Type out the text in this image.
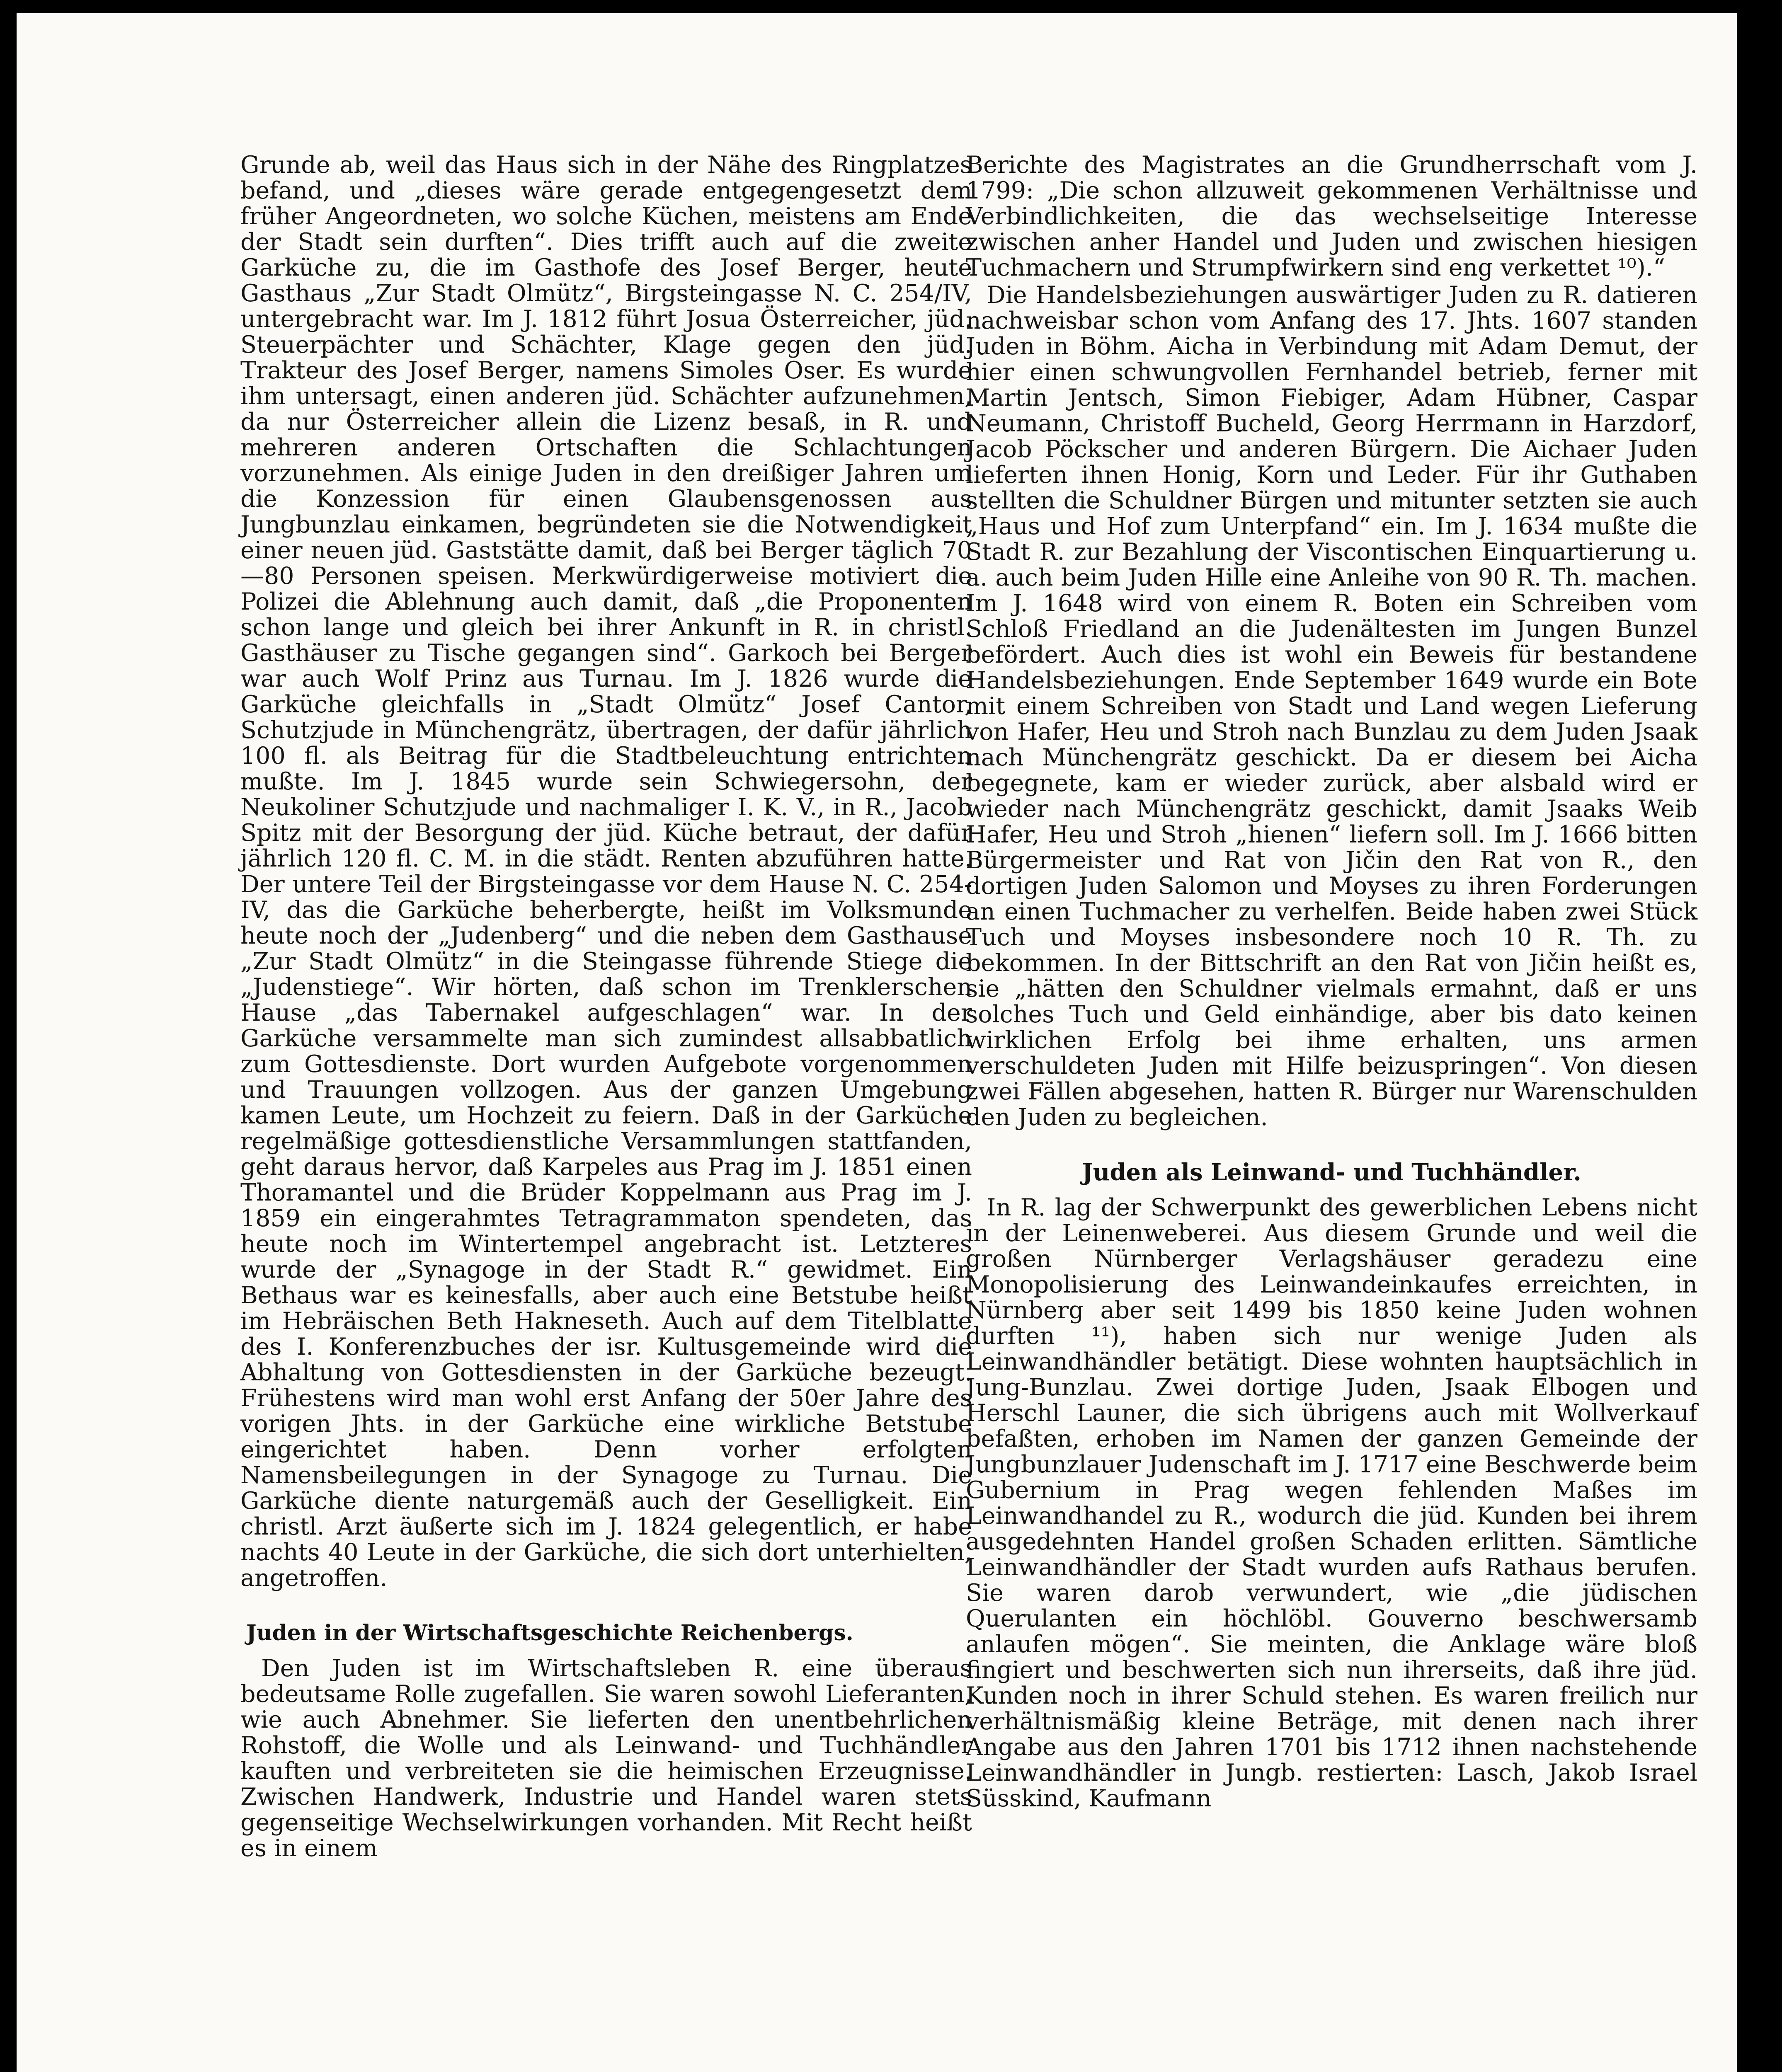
Grunde ab, weil das Haus sich in der Nähe des Ringplatzes befand, und „dieses wäre gerade entgegengesetzt dem früher Angeordneten, wo solche Küchen, meistens am Ende der Stadt sein durften“. Dies trifft auch auf die zweite Garküche zu, die im Gasthofe des Josef Berger, heute Gasthaus „Zur Stadt Olmütz“, Birgsteingasse N. C. 254/IV, untergebracht war. Im J. 1812 führt Josua Österreicher, jüd. Steuerpächter und Schächter, Klage gegen den jüd. Trakteur des Josef Berger, namens Simoles Oser. Es wurde ihm untersagt, einen anderen jüd. Schächter aufzunehmen, da nur Österreicher allein die Lizenz besaß, in R. und mehreren anderen Ortschaften die Schlachtungen vorzunehmen. Als einige Juden in den dreißiger Jahren um die Konzession für einen Glaubensgenossen aus Jungbunzlau einkamen, begründeten sie die Notwendigkeit einer neuen jüd. Gaststätte damit, daß bei Berger täglich 70—80 Personen speisen. Merkwürdigerweise motiviert die Polizei die Ablehnung auch damit, daß „die Proponenten schon lange und gleich bei ihrer Ankunft in R. in christl. Gasthäuser zu Tische gegangen sind“. Garkoch bei Berger war auch Wolf Prinz aus Turnau. Im J. 1826 wurde die Garküche gleichfalls in „Stadt Olmütz“ Josef Cantor, Schutzjude in Münchengrätz, übertragen, der dafür jährlich 100 fl. als Beitrag für die Stadtbeleuchtung entrichten mußte. Im J. 1845 wurde sein Schwiegersohn, der Neukoliner Schutzjude und nachmaliger I. K. V., in R., Jacob Spitz mit der Besorgung der jüd. Küche betraut, der dafür jährlich 120 fl. C. M. in die städt. Renten abzuführen hatte. Der untere Teil der Birgsteingasse vor dem Hause N. C. 254-IV, das die Garküche beherbergte, heißt im Volksmunde heute noch der „Judenberg“ und die neben dem Gasthause „Zur Stadt Olmütz“ in die Steingasse führende Stiege die „Judenstiege“. Wir hörten, daß schon im Trenklerschen Hause „das Tabernakel aufgeschlagen“ war. In der Garküche versammelte man sich zumindest allsabbatlich zum Gottesdienste. Dort wurden Aufgebote vorgenommen und Trauungen vollzogen. Aus der ganzen Umgebung kamen Leute, um Hochzeit zu feiern. Daß in der Garküche regelmäßige gottesdienstliche Versammlungen stattfanden, geht daraus hervor, daß Karpeles aus Prag im J. 1851 einen Thoramantel und die Brüder Koppelmann aus Prag im J. 1859 ein eingerahmtes Tetragrammaton spendeten, das heute noch im Wintertempel angebracht ist. Letzteres wurde der „Synagoge in der Stadt R.“ gewidmet. Ein Bethaus war es keinesfalls, aber auch eine Betstube heißt im Hebräischen Beth Hakneseth. Auch auf dem Titelblatte des I. Konferenzbuches der isr. Kultusgemeinde wird die Abhaltung von Gottesdiensten in der Garküche bezeugt. Frühestens wird man wohl erst Anfang der 50er Jahre des vorigen Jhts. in der Garküche eine wirkliche Betstube eingerichtet haben. Denn vorher erfolgten Namensbeilegungen in der Synagoge zu Turnau. Die Garküche diente naturgemäß auch der Geselligkeit. Ein christl. Arzt äußerte sich im J. 1824 gelegentlich, er habe nachts 40 Leute in der Garküche, die sich dort unterhielten, angetroffen.

Juden in der Wirtschaftsgeschichte Reichenbergs.

Den Juden ist im Wirtschaftsleben R. eine überaus bedeutsame Rolle zugefallen. Sie waren sowohl Lieferanten, wie auch Abnehmer. Sie lieferten den unentbehrlichen Rohstoff, die Wolle und als Leinwand- und Tuchhändler kauften und verbreiteten sie die heimischen Erzeugnisse. Zwischen Handwerk, Industrie und Handel waren stets gegenseitige Wechselwirkungen vorhanden. Mit Recht heißt es in einem

Berichte des Magistrates an die Grundherrschaft vom J. 1799: „Die schon allzuweit gekommenen Verhältnisse und Verbindlichkeiten, die das wechselseitige Interesse zwischen anher Handel und Juden und zwischen hiesigen Tuchmachern und Strumpfwirkern sind eng verkettet ¹⁰).“

Die Handelsbeziehungen auswärtiger Juden zu R. datieren nachweisbar schon vom Anfang des 17. Jhts. 1607 standen Juden in Böhm. Aicha in Verbindung mit Adam Demut, der hier einen schwungvollen Fernhandel betrieb, ferner mit Martin Jentsch, Simon Fiebiger, Adam Hübner, Caspar Neumann, Christoff Bucheld, Georg Herrmann in Harzdorf, Jacob Pöckscher und anderen Bürgern. Die Aichaer Juden lieferten ihnen Honig, Korn und Leder. Für ihr Guthaben stellten die Schuldner Bürgen und mitunter setzten sie auch „Haus und Hof zum Unterpfand“ ein. Im J. 1634 mußte die Stadt R. zur Bezahlung der Viscontischen Einquartierung u. a. auch beim Juden Hille eine Anleihe von 90 R. Th. machen. Im J. 1648 wird von einem R. Boten ein Schreiben vom Schloß Friedland an die Judenältesten im Jungen Bunzel befördert. Auch dies ist wohl ein Beweis für bestandene Handelsbeziehungen. Ende September 1649 wurde ein Bote mit einem Schreiben von Stadt und Land wegen Lieferung von Hafer, Heu und Stroh nach Bunzlau zu dem Juden Jsaak nach Münchengrätz geschickt. Da er diesem bei Aicha begegnete, kam er wieder zurück, aber alsbald wird er wieder nach Münchengrätz geschickt, damit Jsaaks Weib Hafer, Heu und Stroh „hienen“ liefern soll. Im J. 1666 bitten Bürgermeister und Rat von Jičin den Rat von R., den dortigen Juden Salomon und Moyses zu ihren Forderungen an einen Tuchmacher zu verhelfen. Beide haben zwei Stück Tuch und Moyses insbesondere noch 10 R. Th. zu bekommen. In der Bittschrift an den Rat von Jičin heißt es, sie „hätten den Schuldner vielmals ermahnt, daß er uns solches Tuch und Geld einhändige, aber bis dato keinen wirklichen Erfolg bei ihme erhalten, uns armen verschuldeten Juden mit Hilfe beizuspringen“. Von diesen zwei Fällen abgesehen, hatten R. Bürger nur Warenschulden den Juden zu begleichen.

Juden als Leinwand- und Tuchhändler.

In R. lag der Schwerpunkt des gewerblichen Lebens nicht in der Leinenweberei. Aus diesem Grunde und weil die großen Nürnberger Verlagshäuser geradezu eine Monopolisierung des Leinwandeinkaufes erreichten, in Nürnberg aber seit 1499 bis 1850 keine Juden wohnen durften ¹¹), haben sich nur wenige Juden als Leinwandhändler betätigt. Diese wohnten hauptsächlich in Jung-Bunzlau. Zwei dortige Juden, Jsaak Elbogen und Herschl Launer, die sich übrigens auch mit Wollverkauf befaßten, erhoben im Namen der ganzen Gemeinde der Jungbunzlauer Judenschaft im J. 1717 eine Beschwerde beim Gubernium in Prag wegen fehlenden Maßes im Leinwandhandel zu R., wodurch die jüd. Kunden bei ihrem ausgedehnten Handel großen Schaden erlitten. Sämtliche Leinwandhändler der Stadt wurden aufs Rathaus berufen. Sie waren darob verwundert, wie „die jüdischen Querulanten ein höchlöbl. Gouverno beschwersamb anlaufen mögen“. Sie meinten, die Anklage wäre bloß fingiert und beschwerten sich nun ihrerseits, daß ihre jüd. Kunden noch in ihrer Schuld stehen. Es waren freilich nur verhältnismäßig kleine Beträge, mit denen nach ihrer Angabe aus den Jahren 1701 bis 1712 ihnen nachstehende Leinwandhändler in Jungb. restierten: Lasch, Jakob Israel Süsskind, Kaufmann
